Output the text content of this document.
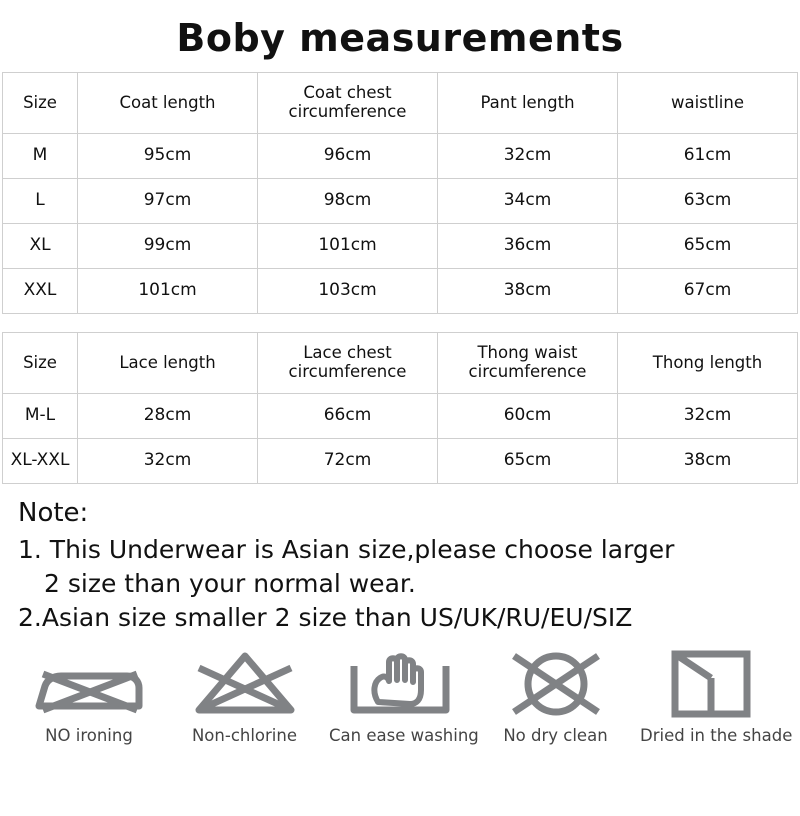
Boby measurements
Size	Coat length	Coat chest circumference	Pant length	waistline
M	95cm	96cm	32cm	61cm
L	97cm	98cm	34cm	63cm
XL	99cm	101cm	36cm	65cm
XXL	101cm	103cm	38cm	67cm
Size	Lace length	Lace chest circumference	Thong waist circumference	Thong length
M-L	28cm	66cm	60cm	32cm
XL-XXL	32cm	72cm	65cm	38cm
Note:
1. This Underwear is Asian size,please choose larger
2 size than your normal wear.
2.Asian size smaller 2 size than US/UK/RU/EU/SIZ
NO ironing	Non-chlorine	Can ease washing	No dry clean	Dried in the shade
